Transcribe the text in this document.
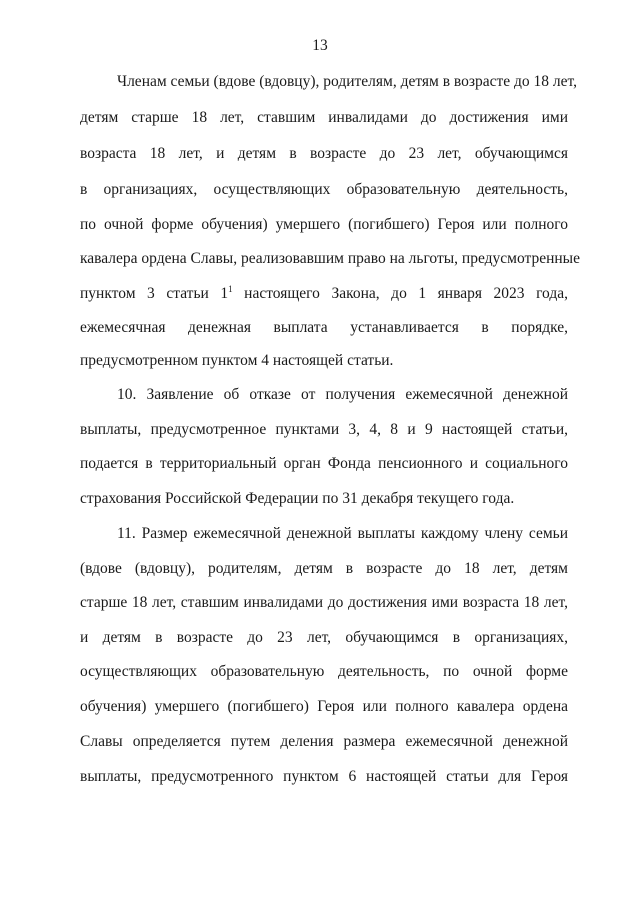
13
Членам семьи (вдове (вдовцу), родителям, детям в возрасте до 18 лет,
детям старше 18 лет, ставшим инвалидами до достижения ими
возраста 18 лет, и детям в возрасте до 23 лет, обучающимся
в организациях, осуществляющих образовательную деятельность,
по очной форме обучения) умершего (погибшего) Героя или полного
кавалера ордена Славы, реализовавшим право на льготы, предусмотренные
пунктом 3 статьи $1^1$ настоящего Закона, до 1 января 2023 года,
ежемесячная денежная выплата устанавливается в порядке,
предусмотренном пунктом 4 настоящей статьи.
10. Заявление об отказе от получения ежемесячной денежной
выплаты, предусмотренное пунктами 3, 4, 8 и 9 настоящей статьи,
подается в территориальный орган Фонда пенсионного и социального
страхования Российской Федерации по 31 декабря текущего года.
11. Размер ежемесячной денежной выплаты каждому члену семьи
(вдове (вдовцу), родителям, детям в возрасте до 18 лет, детям
старше 18 лет, ставшим инвалидами до достижения ими возраста 18 лет,
и детям в возрасте до 23 лет, обучающимся в организациях,
осуществляющих образовательную деятельность, по очной форме
обучения) умершего (погибшего) Героя или полного кавалера ордена
Славы определяется путем деления размера ежемесячной денежной
выплаты, предусмотренного пунктом 6 настоящей статьи для Героя
